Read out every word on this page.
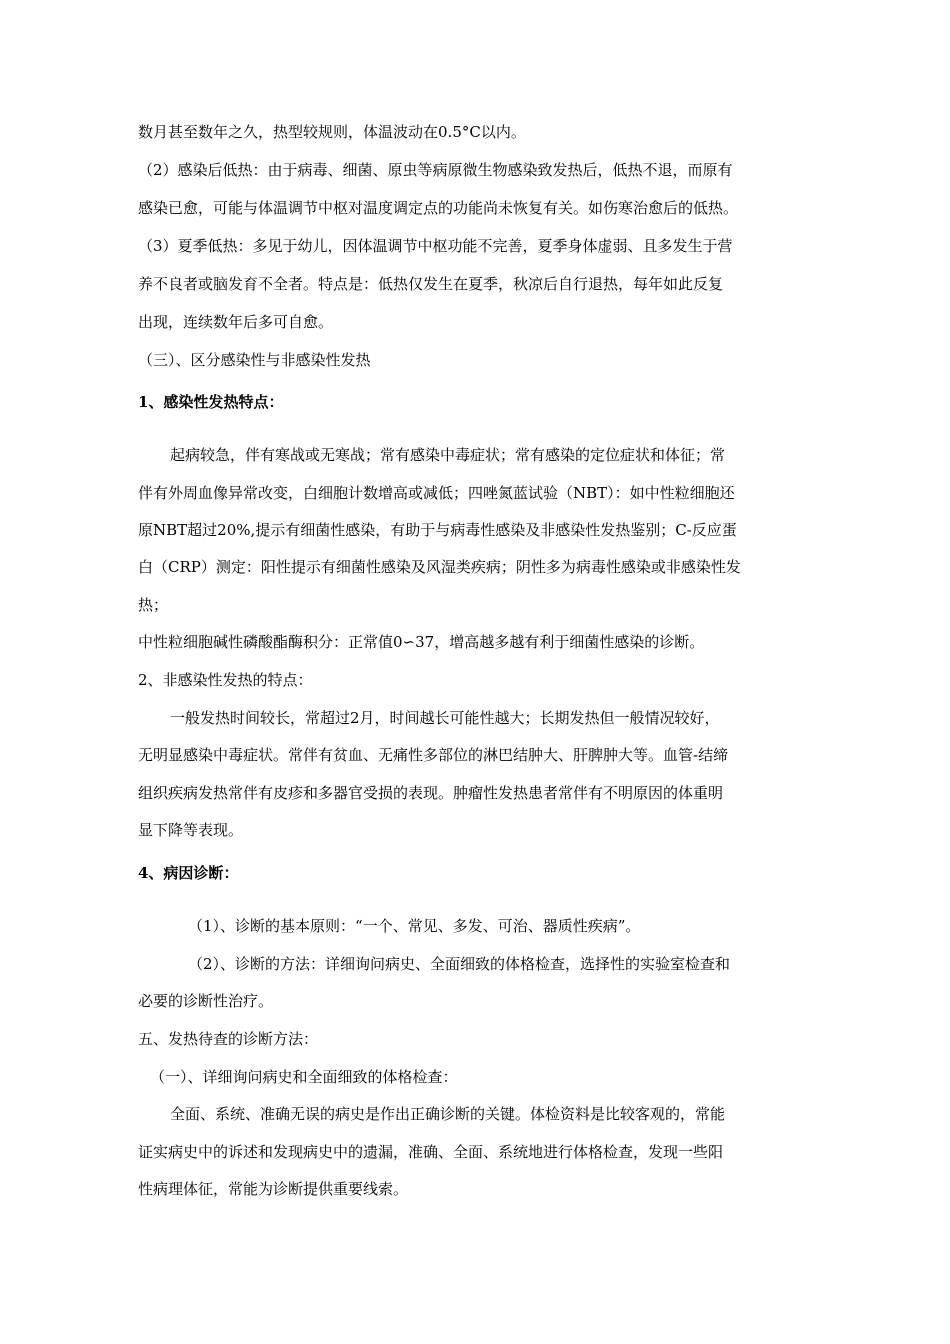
数月甚至数年之久，热型较规则，体温波动在0.5°C以内。
（2）感染后低热：由于病毒、细菌、原虫等病原微生物感染致发热后，低热不退，而原有
感染已愈，可能与体温调节中枢对温度调定点的功能尚未恢复有关。如伤寒治愈后的低热。
（3）夏季低热：多见于幼儿，因体温调节中枢功能不完善，夏季身体虚弱、且多发生于营
养不良者或脑发育不全者。特点是：低热仅发生在夏季，秋凉后自行退热，每年如此反复
出现，连续数年后多可自愈。
（三）、区分感染性与非感染性发热
1、感染性发热特点：
起病较急，伴有寒战或无寒战；常有感染中毒症状；常有感染的定位症状和体征；常
伴有外周血像异常改变，白细胞计数增高或减低；四唑氮蓝试验（NBT）：如中性粒细胞还
原NBT超过20%,提示有细菌性感染，有助于与病毒性感染及非感染性发热鉴别；C-反应蛋
白（CRP）测定：阳性提示有细菌性感染及风湿类疾病；阴性多为病毒性感染或非感染性发
热；
中性粒细胞碱性磷酸酯酶积分：正常值0∽37，增高越多越有利于细菌性感染的诊断。
2、非感染性发热的特点：
一般发热时间较长，常超过2月，时间越长可能性越大；长期发热但一般情况较好，
无明显感染中毒症状。常伴有贫血、无痛性多部位的淋巴结肿大、肝脾肿大等。血管-结缔
组织疾病发热常伴有皮疹和多器官受损的表现。肿瘤性发热患者常伴有不明原因的体重明
显下降等表现。
4、病因诊断：
（1）、诊断的基本原则：“一个、常见、多发、可治、器质性疾病”。
（2）、诊断的方法：详细询问病史、全面细致的体格检查，选择性的实验室检查和
必要的诊断性治疗。
五、发热待查的诊断方法：
（一）、详细询问病史和全面细致的体格检查：
全面、系统、准确无误的病史是作出正确诊断的关键。体检资料是比较客观的，常能
证实病史中的诉述和发现病史中的遗漏，准确、全面、系统地进行体格检查，发现一些阳
性病理体征，常能为诊断提供重要线索。
